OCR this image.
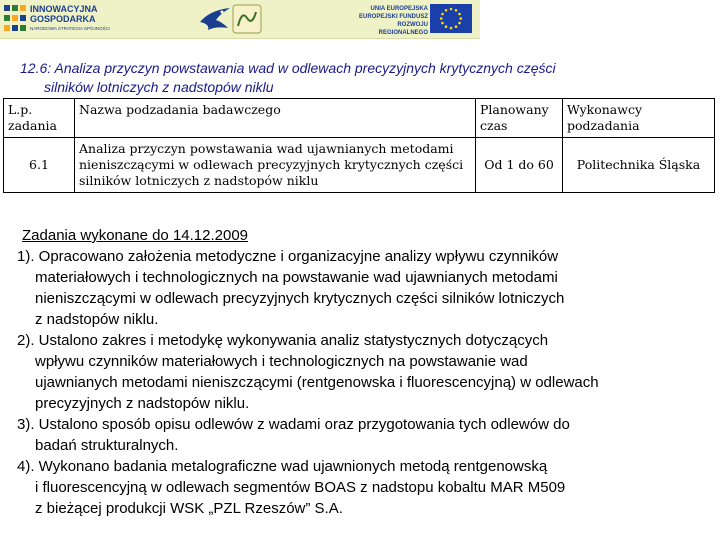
INNOWACYJNA
GOSPODARKA
NARODOWA STRATEGIA SPÓJNOŚCI
UNIA EUROPEJSKA
EUROPEJSKI FUNDUSZ
ROZWOJU REGIONALNEGO
12.6: Analiza przyczyn powstawania wad w odlewach precyzyjnych krytycznych części
silników lotniczych z nadstopów niklu
L.p. zadania	Nazwa podzadania badawczego	Planowany czas	Wykonawcy podzadania
6.1	Analiza przyczyn powstawania wad ujawnianych metodami nieniszczącymi w odlewach precyzyjnych krytycznych części silników lotniczych z nadstopów niklu	Od 1 do 60	Politechnika Śląska
Zadania wykonane do 14.12.2009
1). Opracowano założenia metodyczne i organizacyjne analizy wpływu czynników
materiałowych i technologicznych na powstawanie wad ujawnianych metodami
nieniszczącymi w odlewach precyzyjnych krytycznych części silników lotniczych
z nadstopów niklu.
2). Ustalono zakres i metodykę wykonywania analiz statystycznych dotyczących
wpływu czynników materiałowych i technologicznych na powstawanie wad
ujawnianych metodami nieniszczącymi (rentgenowska i fluorescencyjną) w odlewach
precyzyjnych z nadstopów niklu.
3). Ustalono sposób opisu odlewów z wadami oraz przygotowania tych odlewów do
badań strukturalnych.
4). Wykonano badania metalograficzne wad ujawnionych metodą rentgenowską
i fluorescencyjną w odlewach segmentów BOAS z nadstopu kobaltu MAR M509
z bieżącej produkcji WSK „PZL Rzeszów” S.A.
